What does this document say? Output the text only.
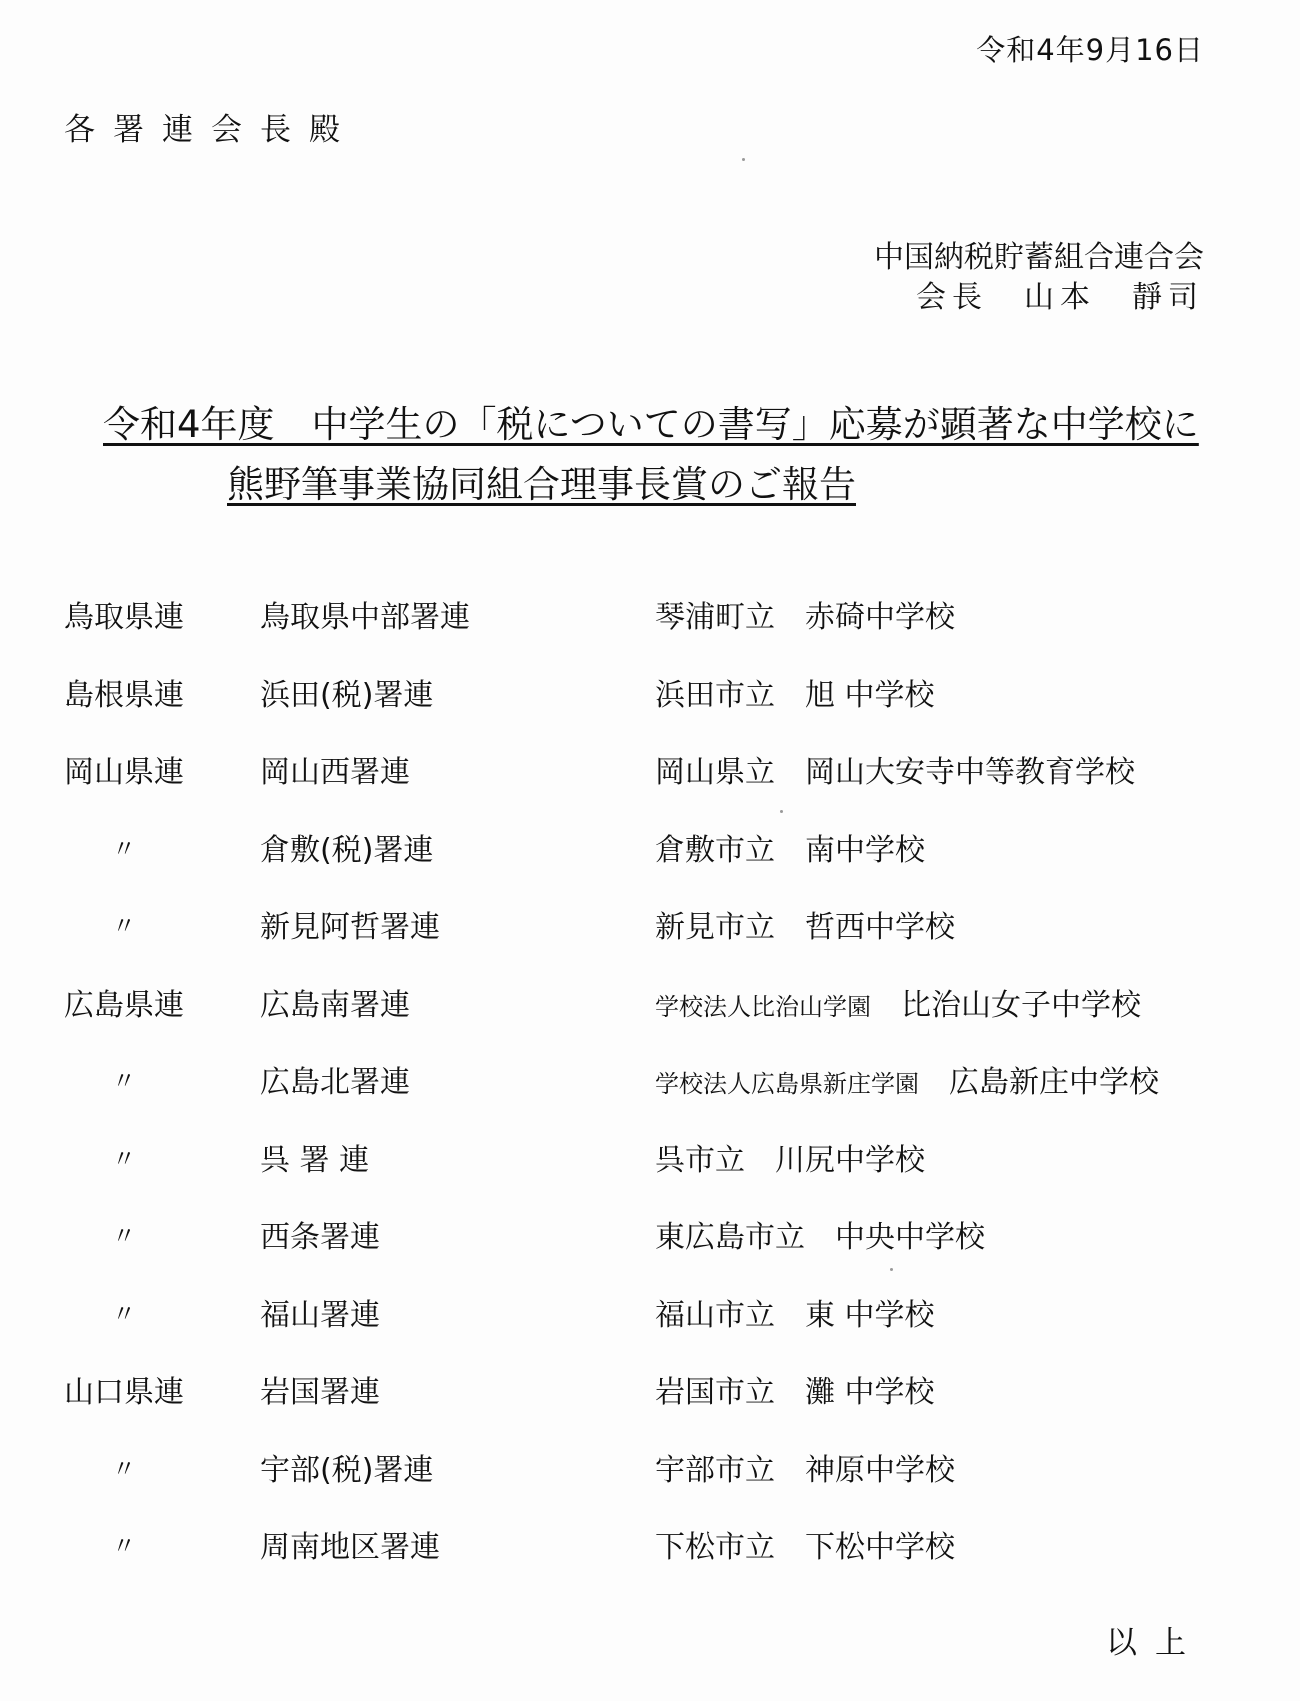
令和4年9月16日
各署連会長殿
中国納税貯蓄組合連合会
会長　山本　靜司
令和4年度　中学生の「税についての書写」応募が顕著な中学校に
熊野筆事業協同組合理事長賞のご報告
鳥取県連	鳥取県中部署連	琴浦町立　 赤碕中学校
島根県連	浜田(税)署連	浜田市立　 旭 中学校
岡山県連	岡山西署連	岡山県立　 岡山大安寺中等教育学校
〃	倉敷(税)署連	倉敷市立　 南中学校
〃	新見阿哲署連	新見市立　 哲西中学校
広島県連	広島南署連	学校法人比治山学園　 比治山女子中学校
〃	広島北署連	学校法人広島県新庄学園　 広島新庄中学校
〃	呉 署 連	呉市立　 川尻中学校
〃	西条署連	東広島市立　 中央中学校
〃	福山署連	福山市立　 東 中学校
山口県連	岩国署連	岩国市立　 灘 中学校
〃	宇部(税)署連	宇部市立　 神原中学校
〃	周南地区署連	下松市立　 下松中学校
以上
